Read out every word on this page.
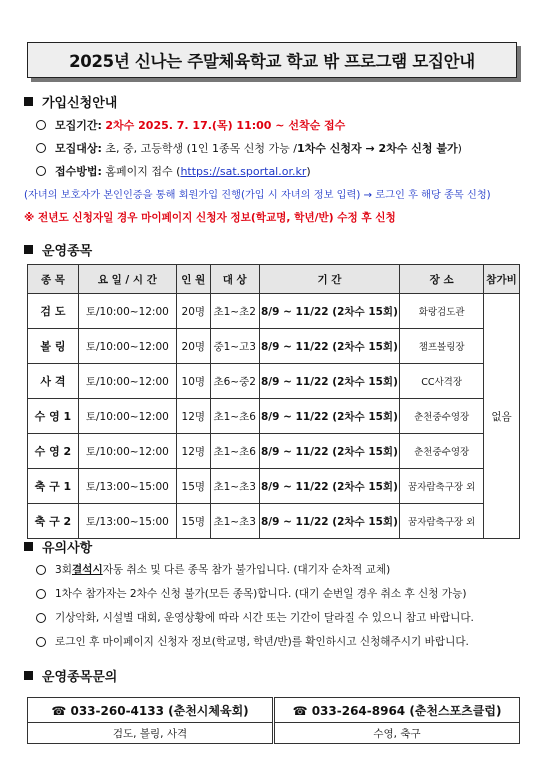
2025년 신나는 주말체육학교 학교 밖 프로그램 모집안내
가입신청안내
모집기간:
2차수 2025. 7. 17.(목) 11:00 ~ 선착순 접수
모집대상:
초, 중, 고등학생 (1인 1종목 신청 가능 / 1차수 신청자 → 2차수 신청 불가 )
접수방법:
홈페이지 접수 ( https://sat.sportal.or.kr )
(자녀의 보호자가 본인인증을 통해 회원가입 진행(가입 시 자녀의 정보 입력) → 로그인 후 해당 종목 신청)
※ 전년도 신청자일 경우 마이페이지 신청자 정보(학교명, 학년/반) 수정 후 신청
운영종목
종 목	요 일 / 시 간	인 원	대 상	기 간	장 소	참가비
검 도	토/10:00~12:00	20명	초1~초2	8/9 ~ 11/22 (2차수 15회)	화랑검도관	없음
볼 링	토/10:00~12:00	20명	중1~고3	8/9 ~ 11/22 (2차수 15회)	챔프볼링장	
사 격	토/10:00~12:00	10명	초6~중2	8/9 ~ 11/22 (2차수 15회)	CC사격장	
수 영 1	토/10:00~12:00	12명	초1~초6	8/9 ~ 11/22 (2차수 15회)	춘천중수영장	
수 영 2	토/10:00~12:00	12명	초1~초6	8/9 ~ 11/22 (2차수 15회)	춘천중수영장	
축 구 1	토/13:00~15:00	15명	초1~초3	8/9 ~ 11/22 (2차수 15회)	꿈자람축구장 외	
축 구 2	토/13:00~15:00	15명	초1~초3	8/9 ~ 11/22 (2차수 15회)	꿈자람축구장 외	
유의사항
3회 결석시 자동 취소 및 다른 종목 참가 불가입니다. (대기자 순차적 교체)
1차수 참가자는 2차수 신청 불가(모든 종목)합니다. (대기 순번일 경우 취소 후 신청 가능)
기상악화, 시설별 대회, 운영상황에 따라 시간 또는 기간이 달라질 수 있으니 참고 바랍니다.
로그인 후 마이페이지 신청자 정보(학교명, 학년/반)를 확인하시고 신청해주시기 바랍니다.
운영종목문의
☎ 033-260-4133 (춘천시체육회)	☎ 033-264-8964 (춘천스포츠클럽)
검도, 볼링, 사격	수영, 축구
